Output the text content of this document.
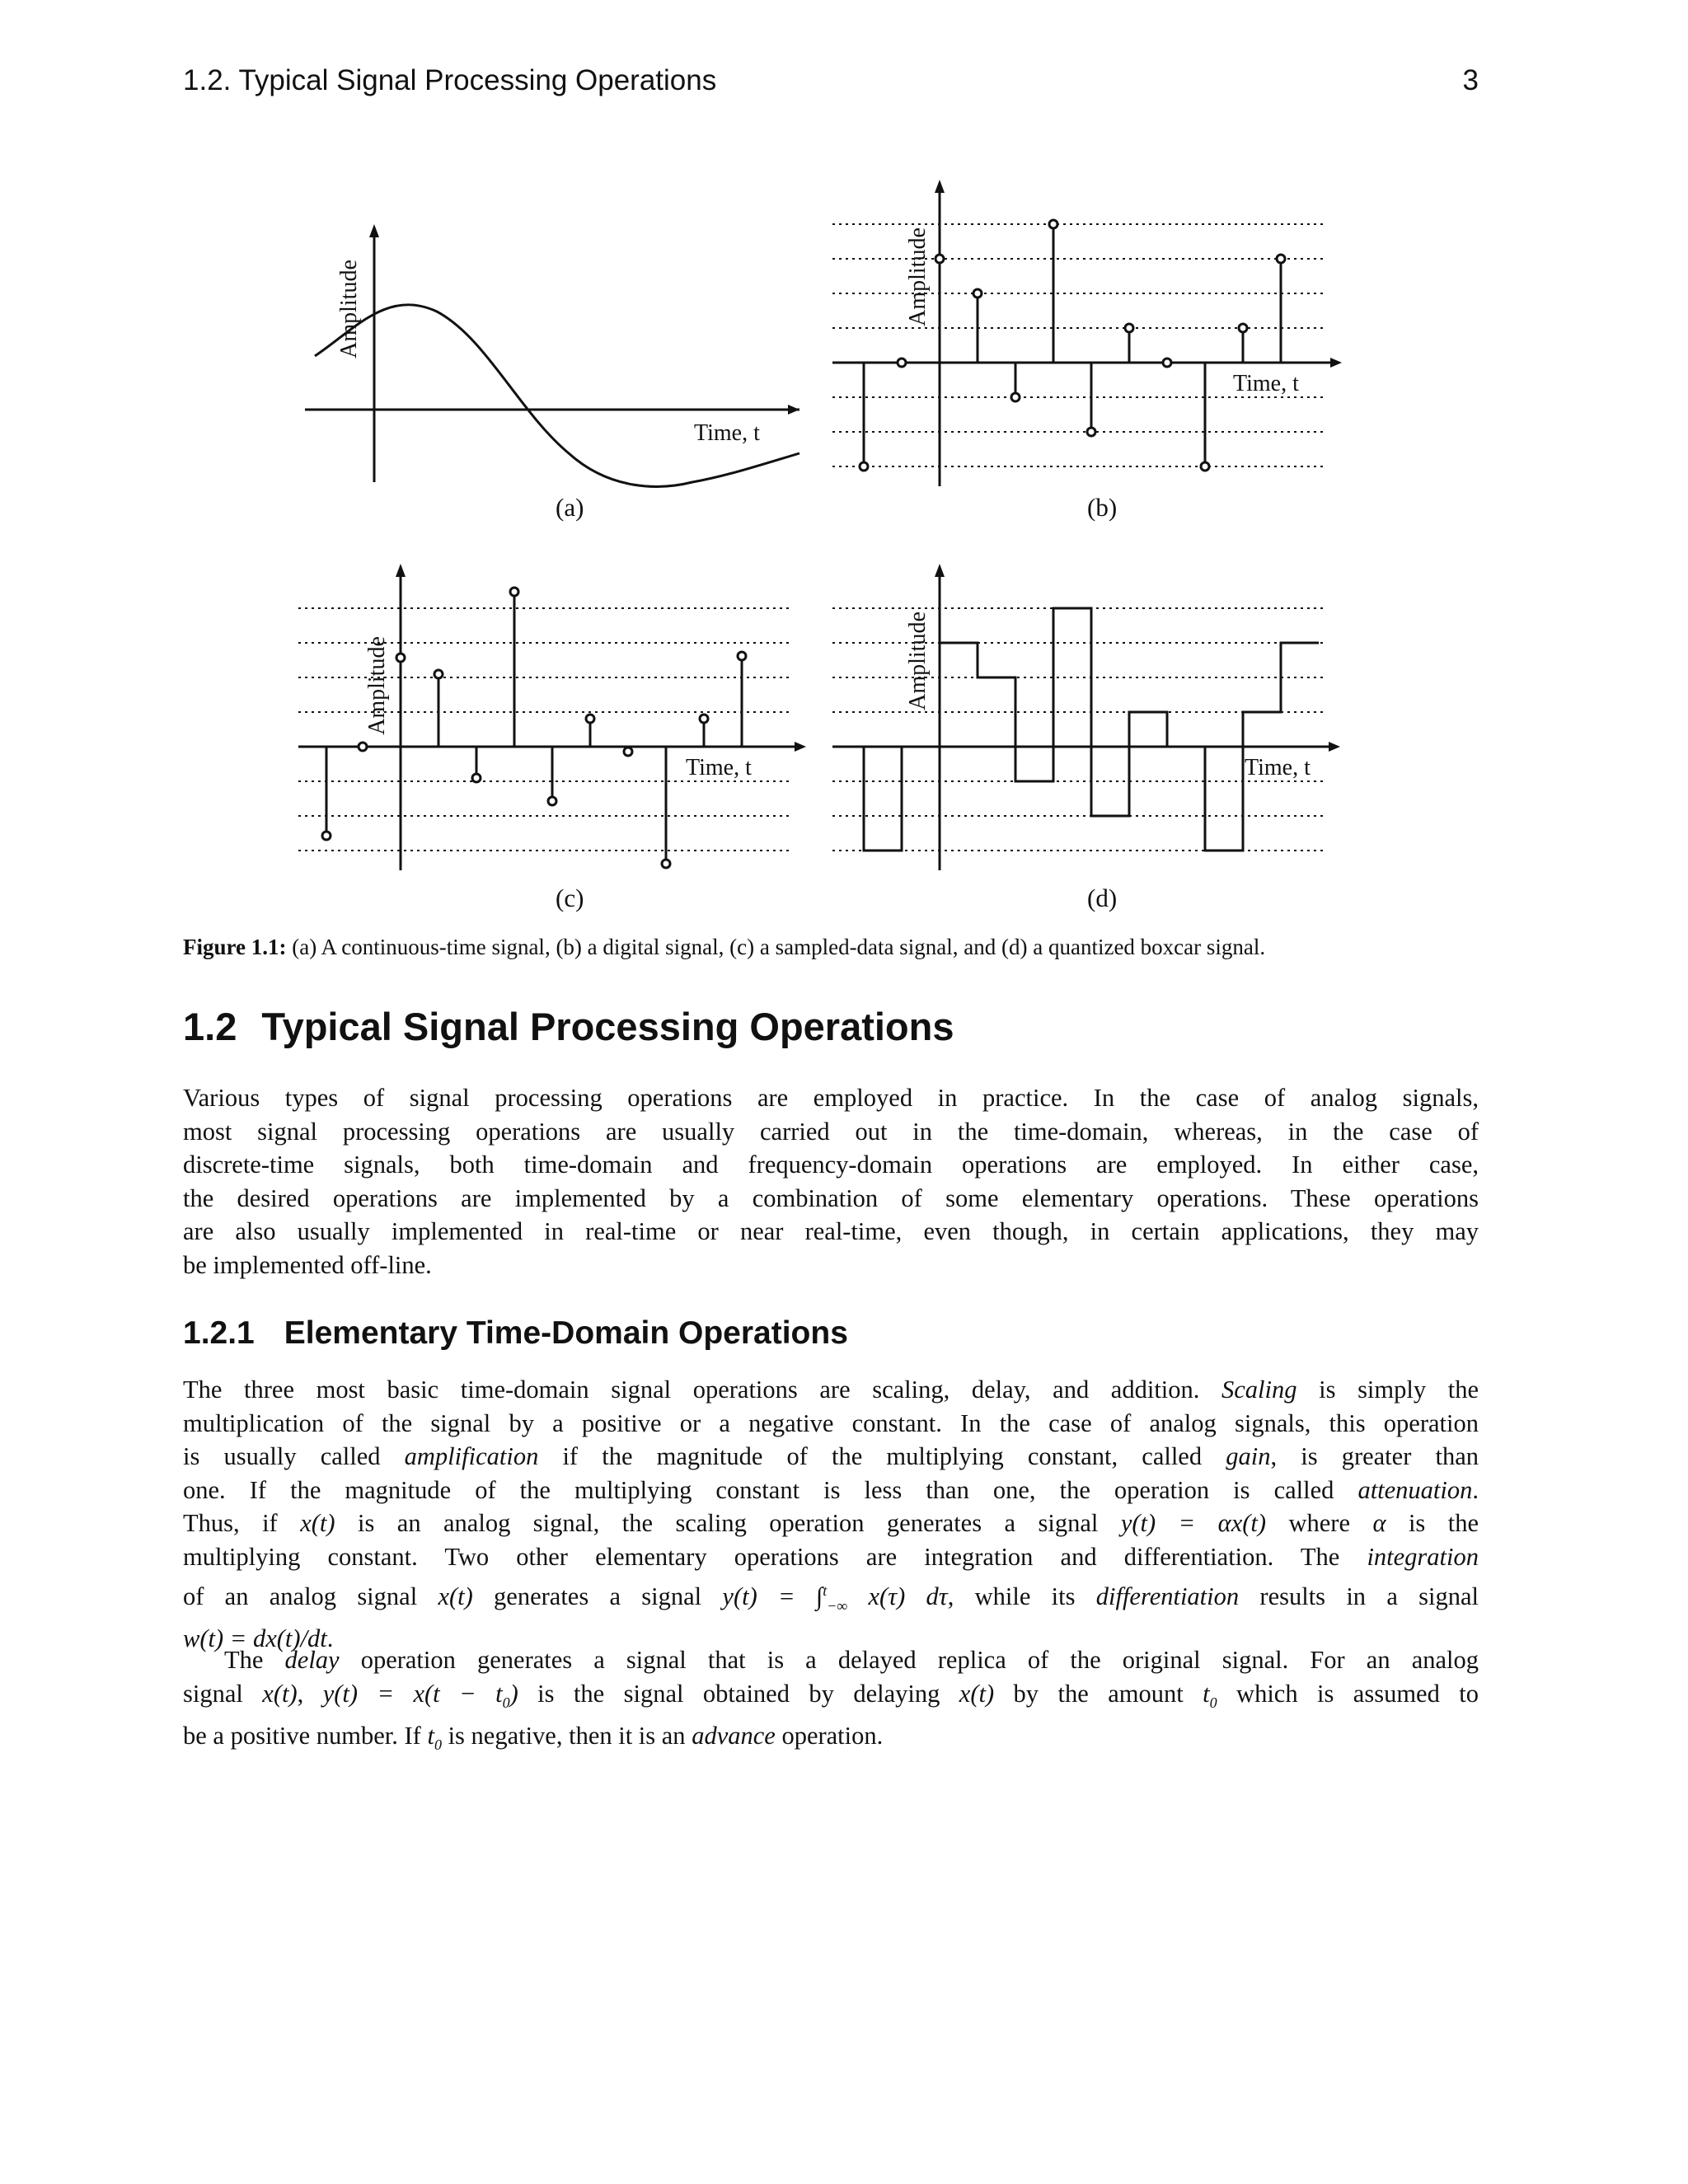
1.2. Typical Signal Processing Operations	3
Amplitude
Time, t
(a)
Amplitude
Time, t
(b)
Amplitude
Time, t
(c)
Amplitude
Time, t
(d)
Figure 1.1: (a) A continuous-time signal, (b) a digital signal, (c) a sampled-data signal, and (d) a quantized boxcar signal.
1.2 Typical Signal Processing Operations
Various types of signal processing operations are employed in practice. In the case of analog signals,
most signal processing operations are usually carried out in the time-domain, whereas, in the case of
discrete-time signals, both time-domain and frequency-domain operations are employed. In either case,
the desired operations are implemented by a combination of some elementary operations. These operations
are also usually implemented in real-time or near real-time, even though, in certain applications, they may
be implemented off-line.
1.2.1 Elementary Time-Domain Operations
The three most basic time-domain signal operations are scaling, delay, and addition. Scaling is simply the
multiplication of the signal by a positive or a negative constant. In the case of analog signals, this operation
is usually called amplification if the magnitude of the multiplying constant, called gain, is greater than
one. If the magnitude of the multiplying constant is less than one, the operation is called attenuation.
Thus, if x(t) is an analog signal, the scaling operation generates a signal y(t) = αx(t) where α is the
multiplying constant. Two other elementary operations are integration and differentiation. The integration
of an analog signal x(t) generates a signal y(t) = ∫$^t_{-\infty}$ x(τ) dτ, while its differentiation results in a signal
w(t) = dx(t)/dt.
The delay operation generates a signal that is a delayed replica of the original signal. For an analog
signal x(t), $y(t) = x(t - t_0)$ is the signal obtained by delaying x(t) by the amount $t_0$ which is assumed to
be a positive number. If $t_0$ is negative, then it is an advance operation.
